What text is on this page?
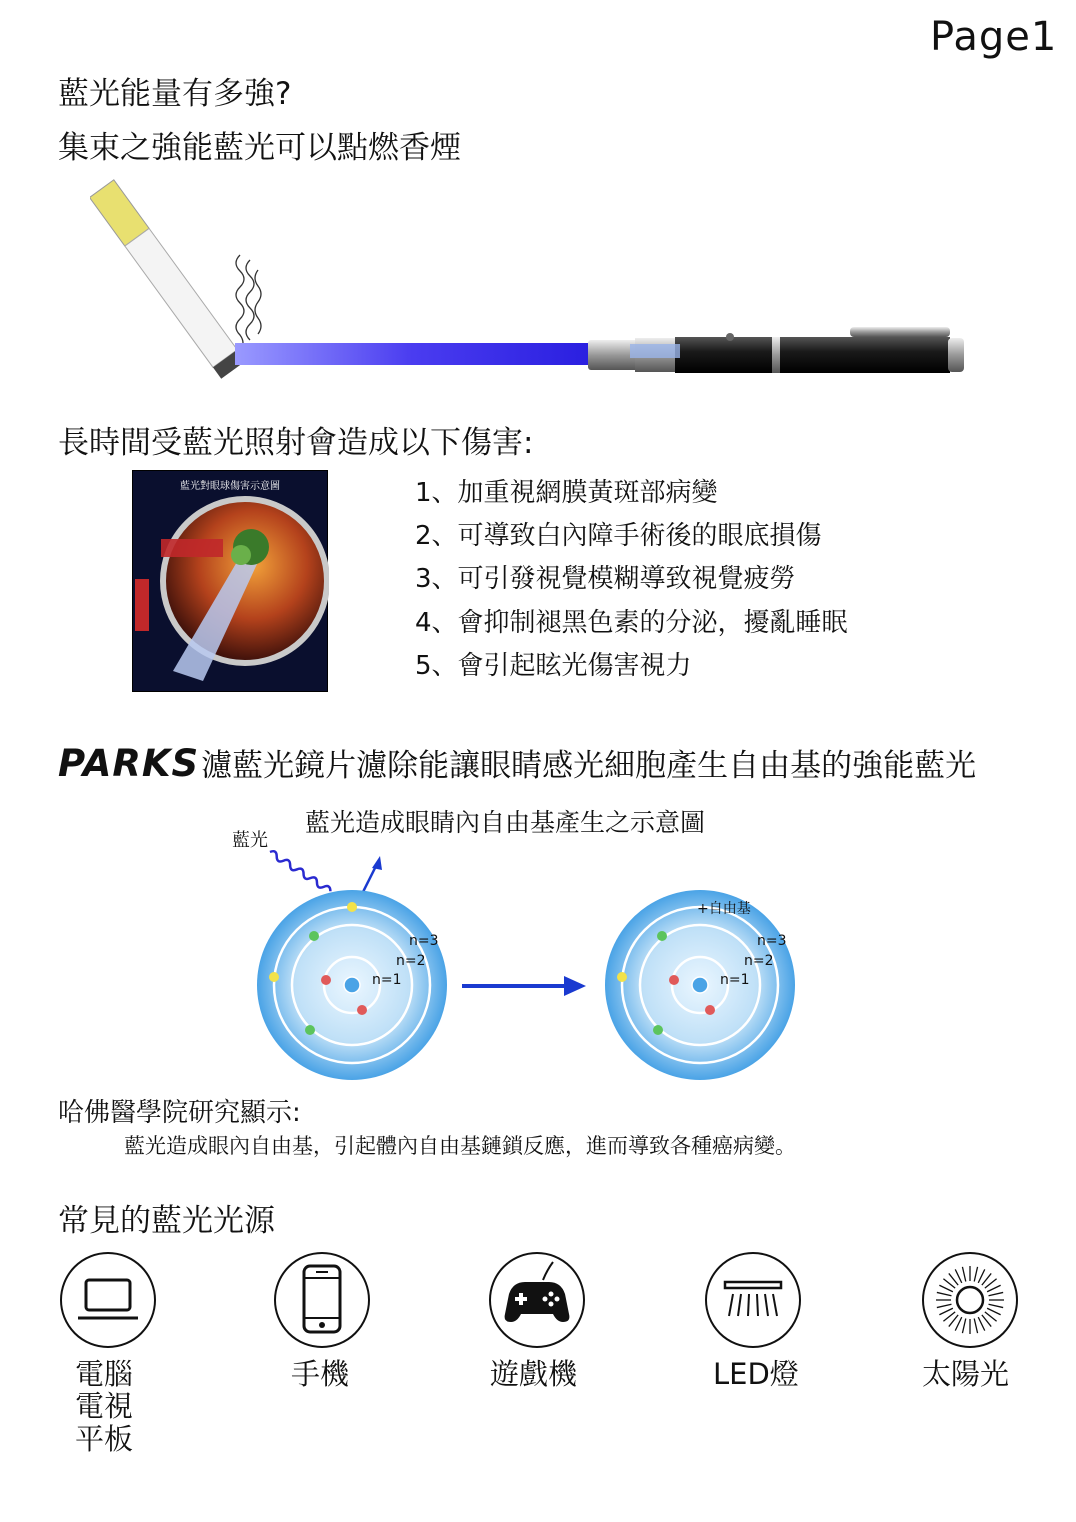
Page1
藍光能量有多強?
集束之強能藍光可以點燃香煙
長時間受藍光照射會造成以下傷害:
藍光對眼球傷害示意圖	1、加重視網膜黃斑部病變
2、可導致白內障手術後的眼底損傷
3、可引發視覺模糊導致視覺疲勞
4、會抑制褪黑色素的分泌，擾亂睡眠
5、會引起眩光傷害視力
PARKS濾藍光鏡片濾除能讓眼睛感光細胞產生自由基的強能藍光
藍光造成眼睛內自由基產生之示意圖
藍光
n=1
n=2
n=3
n=1
n=2
n=3
+自由基
哈佛醫學院研究顯示:
藍光造成眼內自由基，引起體內自由基鏈鎖反應，進而導致各種癌病變。
常見的藍光光源
電腦
電視
平板
手機	遊戲機	LED燈	太陽光
